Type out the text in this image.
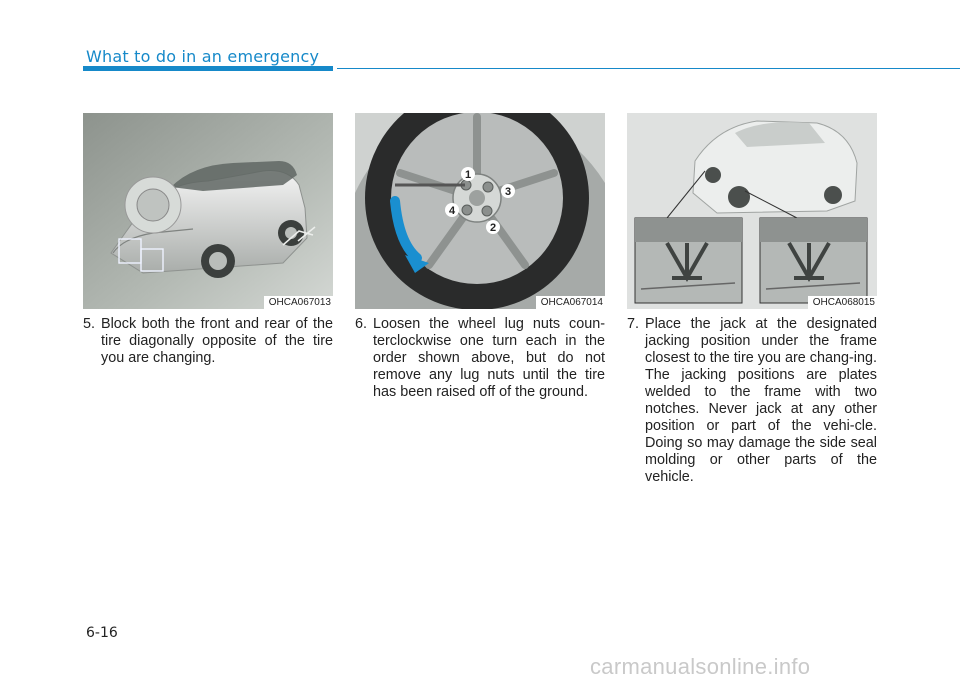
What to do in an emergency
OHCA067013
1
2
3
4
OHCA067014	OHCA068015
5. Block both the front and rear of the tire diagonally opposite of the tire you are changing.
6. Loosen the wheel lug nuts coun-terclockwise one turn each in the order shown above, but do not remove any lug nuts until the tire has been raised off of the ground.
7. Place the jack at the designated jacking position under the frame closest to the tire you are chang-ing. The jacking positions are plates welded to the frame with two notches. Never jack at any other position or part of the vehi-cle. Doing so may damage the side seal molding or other parts of the vehicle.
6-16
carmanualsonline.info
